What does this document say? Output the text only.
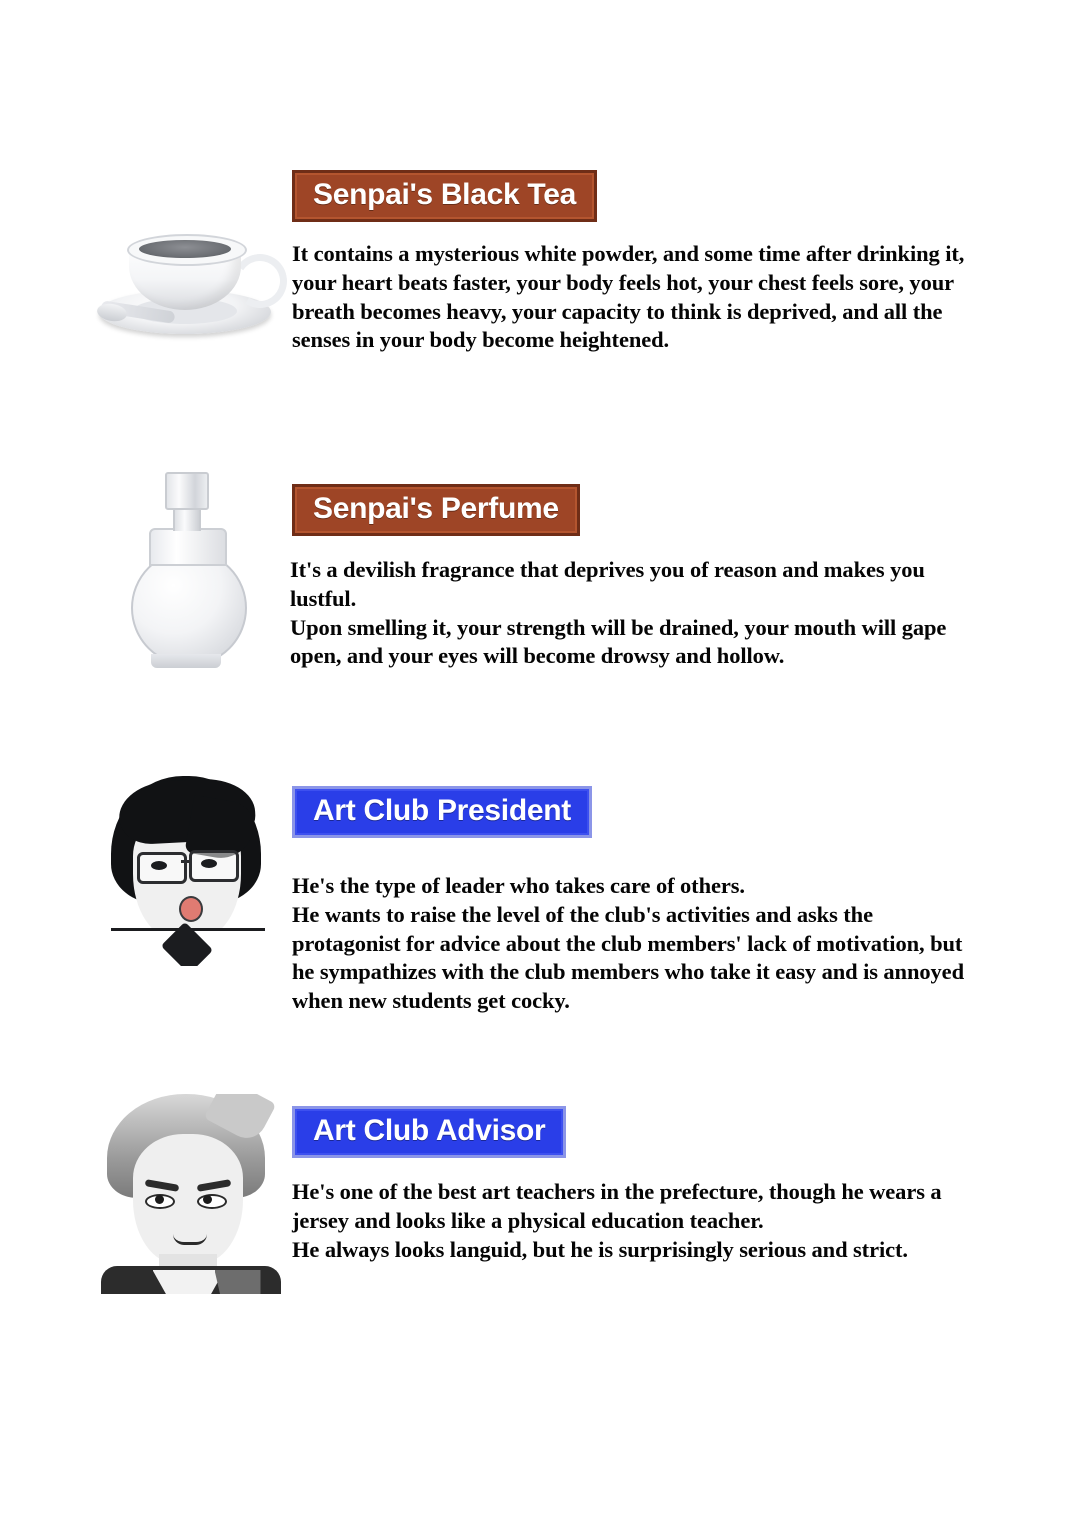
Senpai's Black Tea

It contains a mysterious white powder, and some time after drinking it, your heart beats faster, your body feels hot, your chest feels sore, your breath becomes heavy, your capacity to think is deprived, and all the senses in your body become heightened.

Senpai's Perfume

It's a devilish fragrance that deprives you of reason and makes you lustful.

Upon smelling it, your strength will be drained, your mouth will gape open, and your eyes will become drowsy and hollow.

Art Club President

He's the type of leader who takes care of others.

He wants to raise the level of the club's activities and asks the protagonist for advice about the club members' lack of motivation, but he sympathizes with the club members who take it easy and is annoyed when new students get cocky.

Art Club Advisor

He's one of the best art teachers in the prefecture, though he wears a jersey and looks like a physical education teacher.

He always looks languid, but he is surprisingly serious and strict.
